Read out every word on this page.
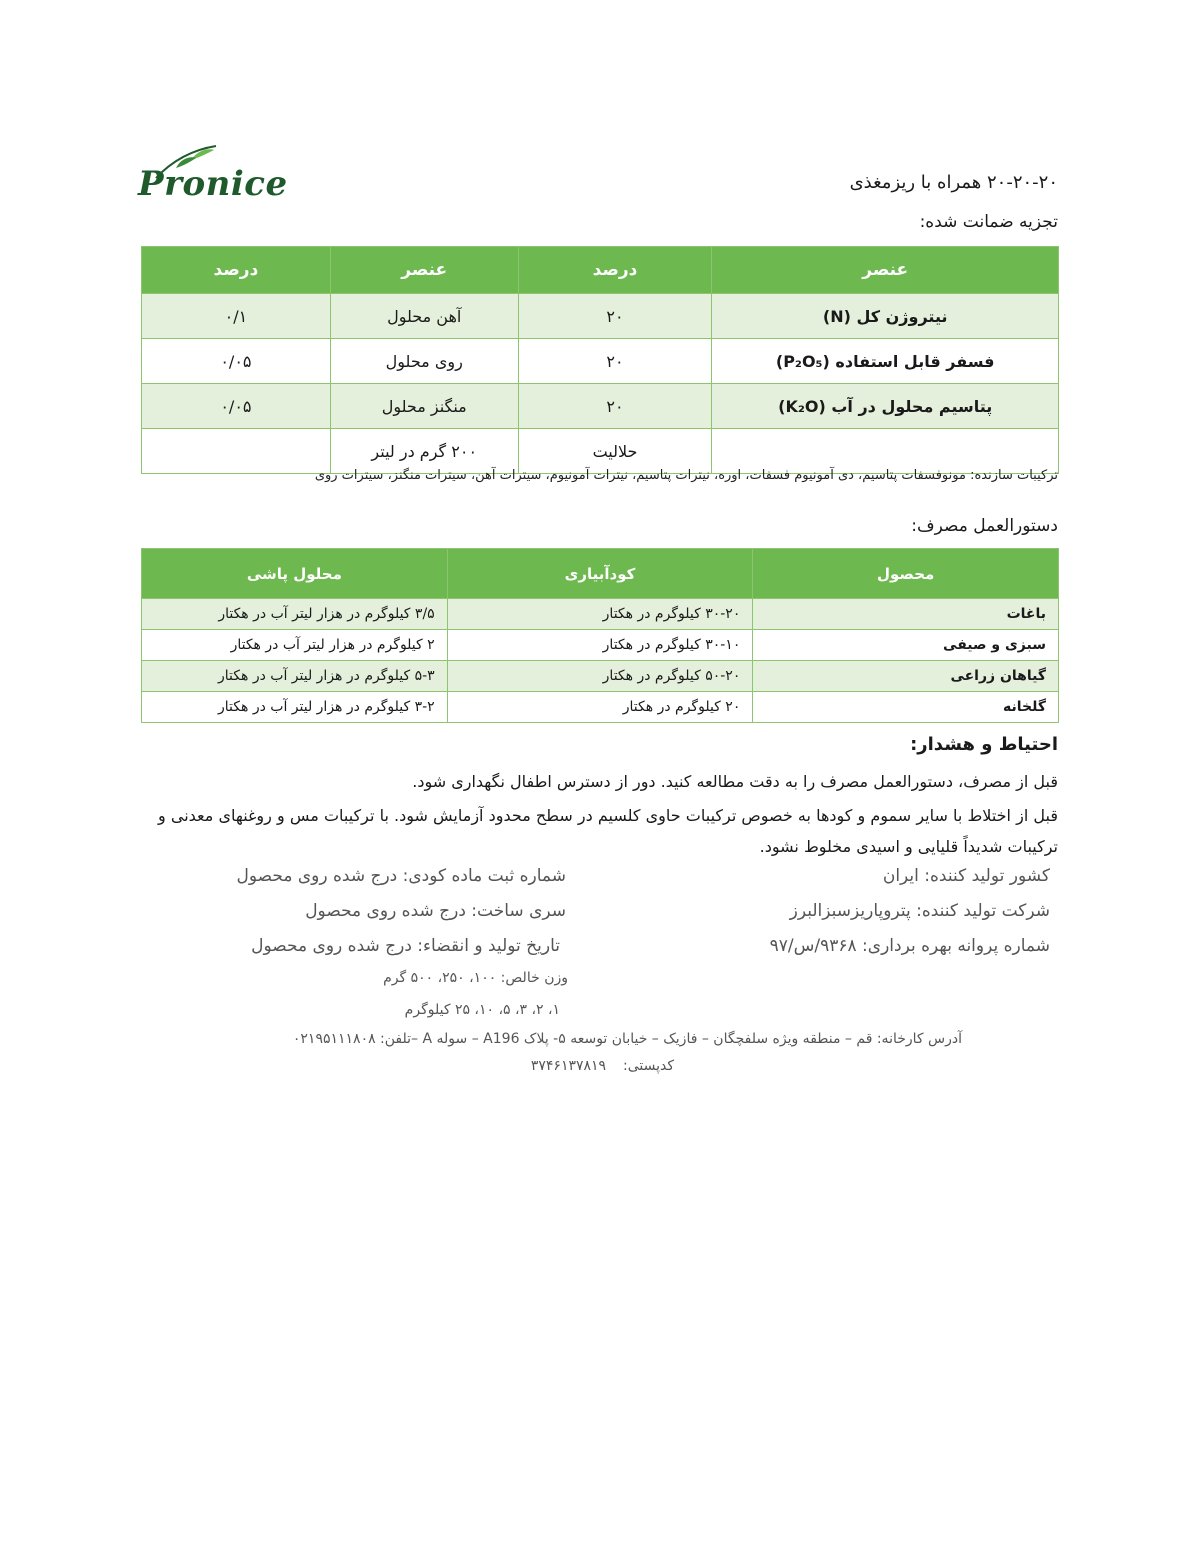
Pronice	۲۰-۲۰-۲۰ همراه با ریزمغذی
تجزیه ضمانت شده:
عنصر	درصد	عنصر	درصد
نیتروژن کل (N)	۲۰	آهن محلول	۰/۱
فسفر قابل استفاده (P₂O₅)	۲۰	روی محلول	۰/۰۵
پتاسیم محلول در آب (K₂O)	۲۰	منگنز محلول	۰/۰۵
	حلالیت	۲۰۰ گرم در لیتر	
ترکیبات سازنده: مونوفسفات پتاسیم، دی آمونیوم فسفات، اوره، نیترات پتاسیم، نیترات آمونیوم، سیترات آهن، سیترات منگنز، سیترات روی
دستورالعمل مصرف:
محصول	کودآبیاری	محلول پاشی
باغات	۳۰-۲۰ کیلوگرم در هکتار	۳/۵ کیلوگرم در هزار لیتر آب در هکتار
سبزی و صیفی	۳۰-۱۰ کیلوگرم در هکتار	۲ کیلوگرم در هزار لیتر آب در هکتار
گیاهان زراعی	۵۰-۲۰ کیلوگرم در هکتار	۵-۳ کیلوگرم در هزار لیتر آب در هکتار
گلخانه	۲۰ کیلوگرم در هکتار	۳-۲ کیلوگرم در هزار لیتر آب در هکتار
احتیاط و هشدار:
قبل از مصرف، دستورالعمل مصرف را به دقت مطالعه کنید. دور از دسترس اطفال نگهداری شود.
قبل از اختلاط با سایر سموم و کودها به خصوص ترکیبات حاوی کلسیم در سطح محدود آزمایش شود. با ترکیبات مس و روغنهای معدنی و ترکیبات شدیداً قلیایی و اسیدی مخلوط نشود.
کشور تولید کننده: ایران
شرکت تولید کننده: پتروپاریزسبزالبرز
شماره پروانه بهره برداری: ۹۳۶۸/س/۹۷
شماره ثبت ماده کودی: درج شده روی محصول
سری ساخت: درج شده روی محصول
تاریخ تولید و انقضاء: درج شده روی محصول
وزن خالص: ۱۰۰، ۲۵۰، ۵۰۰ گرم
۱، ۲، ۳، ۵، ۱۰، ۲۵ کیلوگرم
آدرس کارخانه: قم – منطقه ویژه سلفچگان – فازیک – خیابان توسعه ۵- پلاک A196 – سوله A –تلفن: ۰۲۱۹۵۱۱۱۸۰۸
کدپستی:  ۳۷۴۶۱۳۷۸۱۹
